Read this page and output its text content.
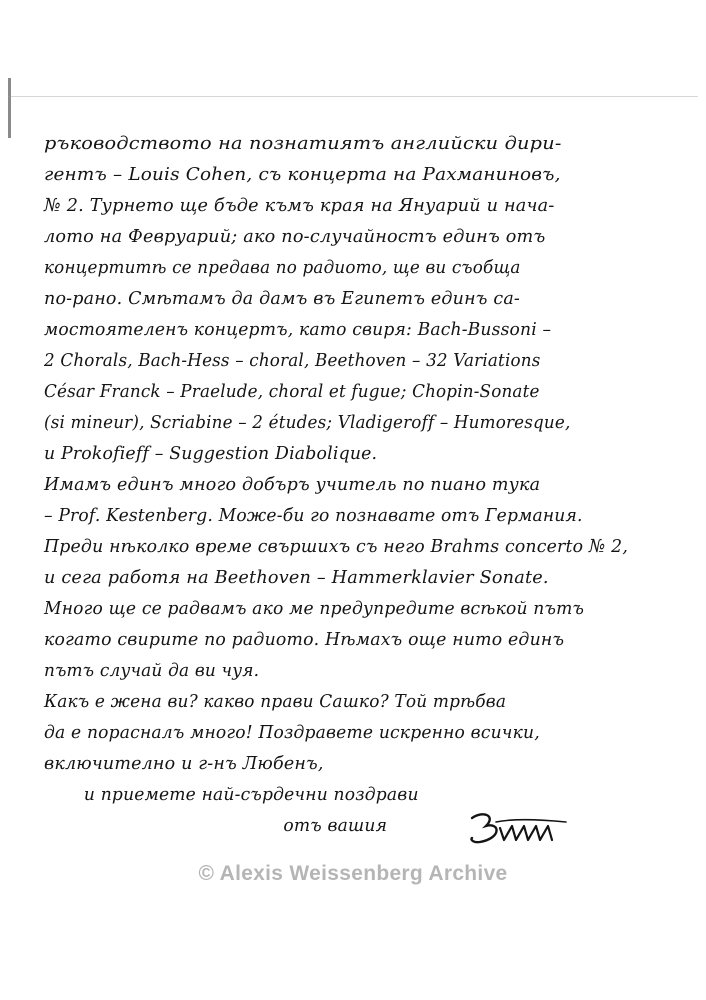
ръководството на познатиятъ английски дири-
гентъ – Louis Cohen, съ концерта на Рахманиновъ,
№ 2. Турнето ще бъде къмъ края на Януарий и нача-
лото на Февруарий; ако по-случайностъ единъ отъ
концертитѣ се предава по радиото, ще ви съобща
по-рано. Смѣтамъ да дамъ въ Египетъ единъ са-
мостоятеленъ концертъ, като свиря: Bach-Bussoni –
2 Chorals, Bach-Hess – choral, Beethoven – 32 Variations
César Franck – Praelude, choral et fugue; Chopin-Sonate
(si mineur), Scriabine – 2 études; Vladigeroff – Humoresque,
и Prokofieff – Suggestion Diabolique.
Имамъ единъ много добъръ учитель по пиано тука
– Prof. Kestenberg. Може-би го познавате отъ Германия.
Преди нѣколко време свършихъ съ него Brahms concerto № 2,
и сега работя на Beethoven – Hammerklavier Sonate.
Много ще се радвамъ ако ме предупредите всѣкой пътъ
когато свирите по радиото. Нѣмахъ още нито единъ
пътъ случай да ви чуя.
Какъ е жена ви? какво прави Сашко? Той трѣбва
да е порасналъ много! Поздравете искренно всички,
включително и г-нъ Любенъ,
и приемете най-сърдечни поздрави
отъ вашия
© Alexis Weissenberg Archive
